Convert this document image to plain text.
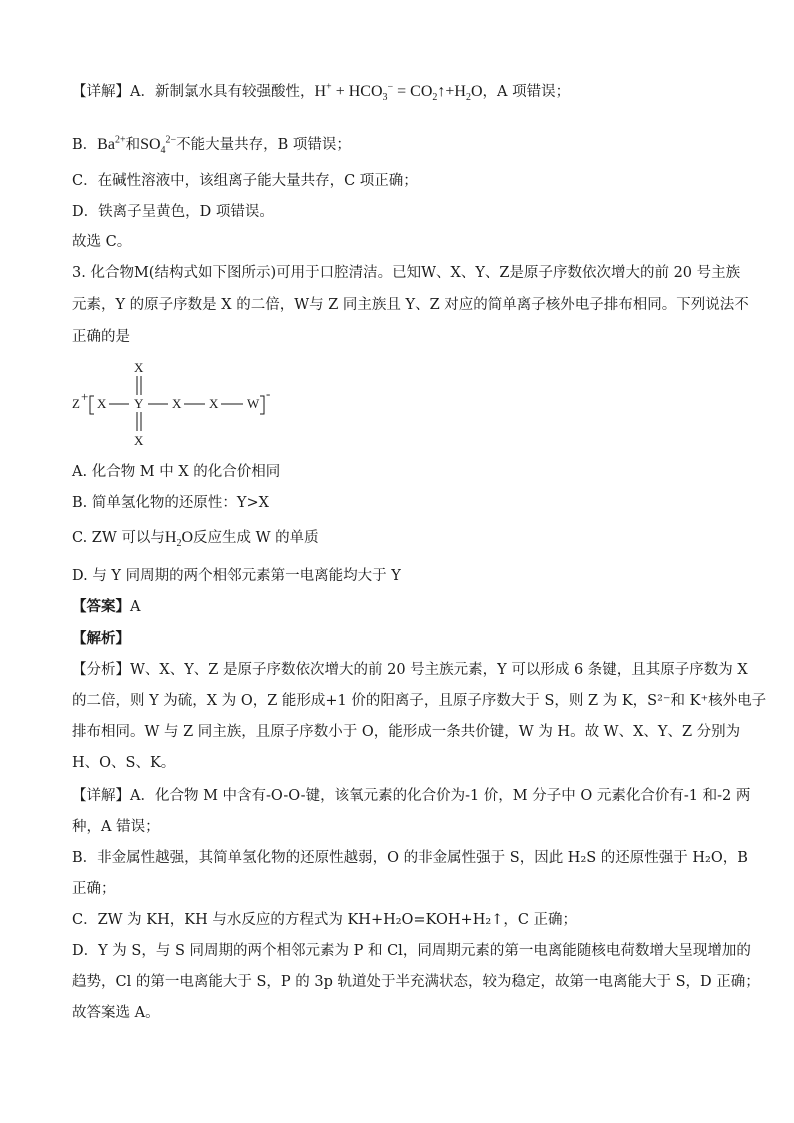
【详解】A．新制氯水具有较强酸性，$H^+ + HCO_3^-$ = $CO_2↑+H_2O$，A 项错误；
B．$Ba^{2+}$和$SO_4^{2-}$不能大量共存，B 项错误；
C．在碱性溶液中，该组离子能大量共存，C 项正确；
D．铁离子呈黄色，D 项错误。
故选 C。
3. 化合物M(结构式如下图所示)可用于口腔清洁。已知W、X、Y、Z是原子序数依次增大的前 20 号主族
元素，Y 的原子序数是 X 的二倍，W与 Z 同主族且 Y、Z 对应的简单离子核外电子排布相同。下列说法不
正确的是
Z + X Y
X
X
X X W
-
A. 化合物 M 中 X 的化合价相同
B. 简单氢化物的还原性：Y>X
C. ZW 可以与$H_2O$反应生成 W 的单质
D. 与 Y 同周期的两个相邻元素第一电离能均大于 Y
【答案】A
【解析】
【分析】W、X、Y、Z 是原子序数依次增大的前 20 号主族元素，Y 可以形成 6 条键，且其原子序数为 X
的二倍，则 Y 为硫，X 为 O，Z 能形成+1 价的阳离子，且原子序数大于 S，则 Z 为 K，S²⁻和 K⁺核外电子
排布相同。W 与 Z 同主族，且原子序数小于 O，能形成一条共价键，W 为 H。故 W、X、Y、Z 分别为
H、O、S、K。
【详解】A．化合物 M 中含有-O-O-键，该氧元素的化合价为-1 价，M 分子中 O 元素化合价有-1 和-2 两
种，A 错误；
B．非金属性越强，其简单氢化物的还原性越弱，O 的非金属性强于 S，因此 H₂S 的还原性强于 H₂O，B
正确；
C．ZW 为 KH，KH 与水反应的方程式为 KH+H₂O=KOH+H₂↑，C 正确；
D．Y 为 S，与 S 同周期的两个相邻元素为 P 和 Cl，同周期元素的第一电离能随核电荷数增大呈现增加的
趋势，Cl 的第一电离能大于 S，P 的 3p 轨道处于半充满状态，较为稳定，故第一电离能大于 S，D 正确；
故答案选 A。
